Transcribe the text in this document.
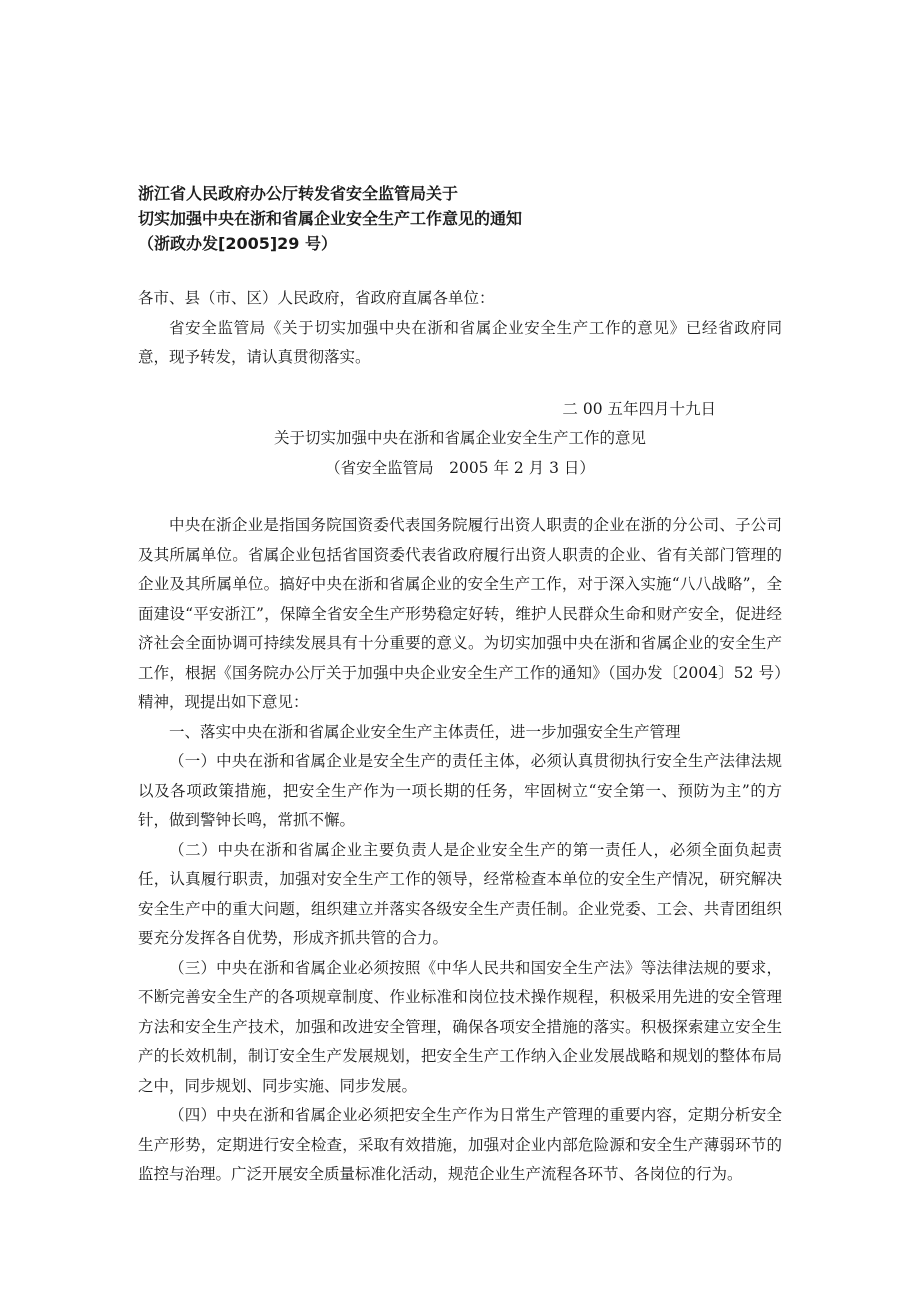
浙江省人民政府办公厅转发省安全监管局关于
切实加强中央在浙和省属企业安全生产工作意见的通知
（浙政办发[2005]29 号）

各市、县（市、区）人民政府，省政府直属各单位：

省安全监管局《关于切实加强中央在浙和省属企业安全生产工作的意见》已经省政府同意，现予转发，请认真贯彻落实。

二 00 五年四月十九日

关于切实加强中央在浙和省属企业安全生产工作的意见

（省安全监管局　2005 年 2 月 3 日）

中央在浙企业是指国务院国资委代表国务院履行出资人职责的企业在浙的分公司、子公司及其所属单位。省属企业包括省国资委代表省政府履行出资人职责的企业、省有关部门管理的企业及其所属单位。搞好中央在浙和省属企业的安全生产工作，对于深入实施“八八战略”，全面建设“平安浙江”，保障全省安全生产形势稳定好转，维护人民群众生命和财产安全，促进经济社会全面协调可持续发展具有十分重要的意义。为切实加强中央在浙和省属企业的安全生产工作，根据《国务院办公厅关于加强中央企业安全生产工作的通知》（国办发〔2004〕52 号）精神，现提出如下意见：

一、落实中央在浙和省属企业安全生产主体责任，进一步加强安全生产管理

（一）中央在浙和省属企业是安全生产的责任主体，必须认真贯彻执行安全生产法律法规以及各项政策措施，把安全生产作为一项长期的任务，牢固树立“安全第一、预防为主”的方针，做到警钟长鸣，常抓不懈。

（二）中央在浙和省属企业主要负责人是企业安全生产的第一责任人，必须全面负起责任，认真履行职责，加强对安全生产工作的领导，经常检查本单位的安全生产情况，研究解决安全生产中的重大问题，组织建立并落实各级安全生产责任制。企业党委、工会、共青团组织要充分发挥各自优势，形成齐抓共管的合力。

（三）中央在浙和省属企业必须按照《中华人民共和国安全生产法》等法律法规的要求，不断完善安全生产的各项规章制度、作业标准和岗位技术操作规程，积极采用先进的安全管理方法和安全生产技术，加强和改进安全管理，确保各项安全措施的落实。积极探索建立安全生产的长效机制，制订安全生产发展规划，把安全生产工作纳入企业发展战略和规划的整体布局之中，同步规划、同步实施、同步发展。

（四）中央在浙和省属企业必须把安全生产作为日常生产管理的重要内容，定期分析安全生产形势，定期进行安全检查，采取有效措施，加强对企业内部危险源和安全生产薄弱环节的监控与治理。广泛开展安全质量标准化活动，规范企业生产流程各环节、各岗位的行为。
